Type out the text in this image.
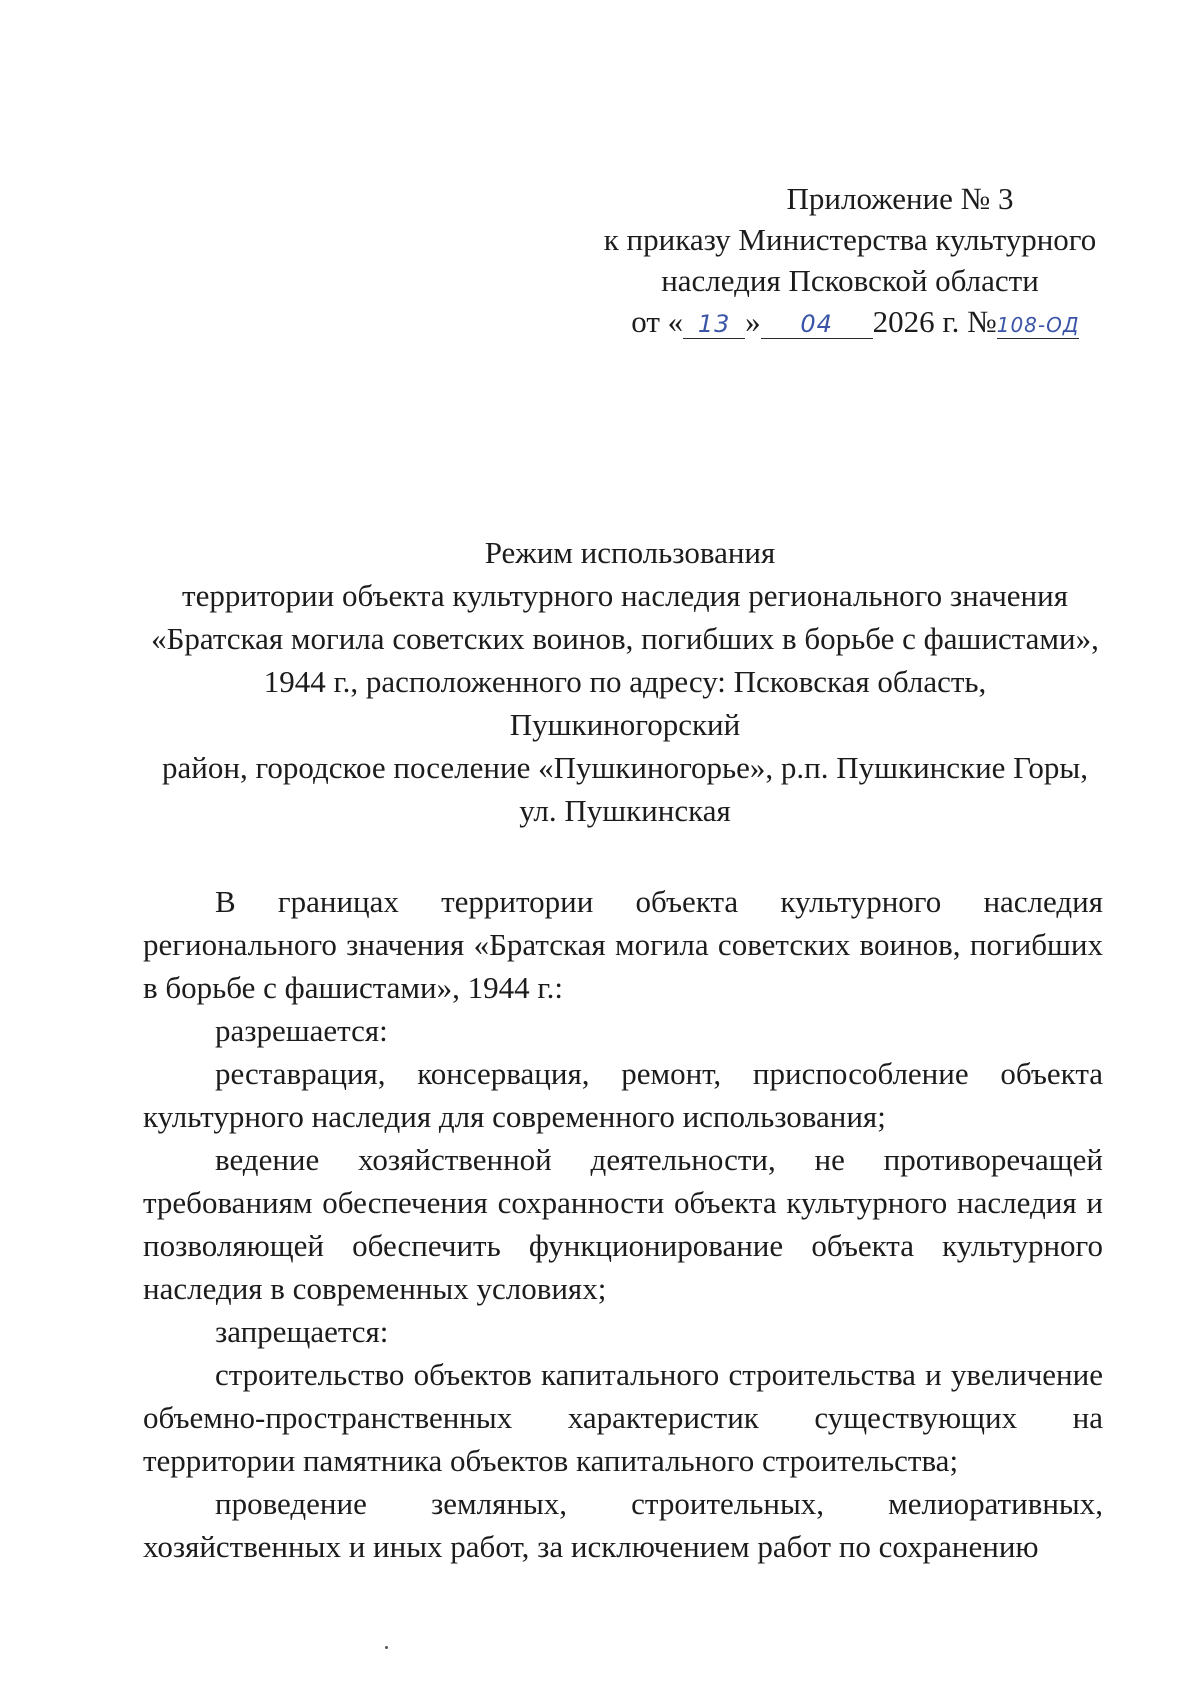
Приложение № 3
к приказу Министерства культурного
наследия Псковской области
от « 13 » 04 2026 г. №108-ОД
Режим использования
территории объекта культурного наследия регионального значения
«Братская могила советских воинов, погибших в борьбе с фашистами»,
1944 г., расположенного по адресу: Псковская область, Пушкиногорский
район, городское поселение «Пушкиногорье», р.п. Пушкинские Горы,
ул. Пушкинская

В границах территории объекта культурного наследия регионального значения «Братская могила советских воинов, погибших в борьбе с фашистами», 1944 г.:

разрешается:

реставрация, консервация, ремонт, приспособление объекта культурного наследия для современного использования;

ведение хозяйственной деятельности, не противоречащей требованиям обеспечения сохранности объекта культурного наследия и позволяющей обеспечить функционирование объекта культурного наследия в современных условиях;

запрещается:

строительство объектов капитального строительства и увеличение объемно-пространственных характеристик существующих на территории памятника объектов капитального строительства;

проведение земляных, строительных, мелиоративных, хозяйственных и иных работ, за исключением работ по сохранению
